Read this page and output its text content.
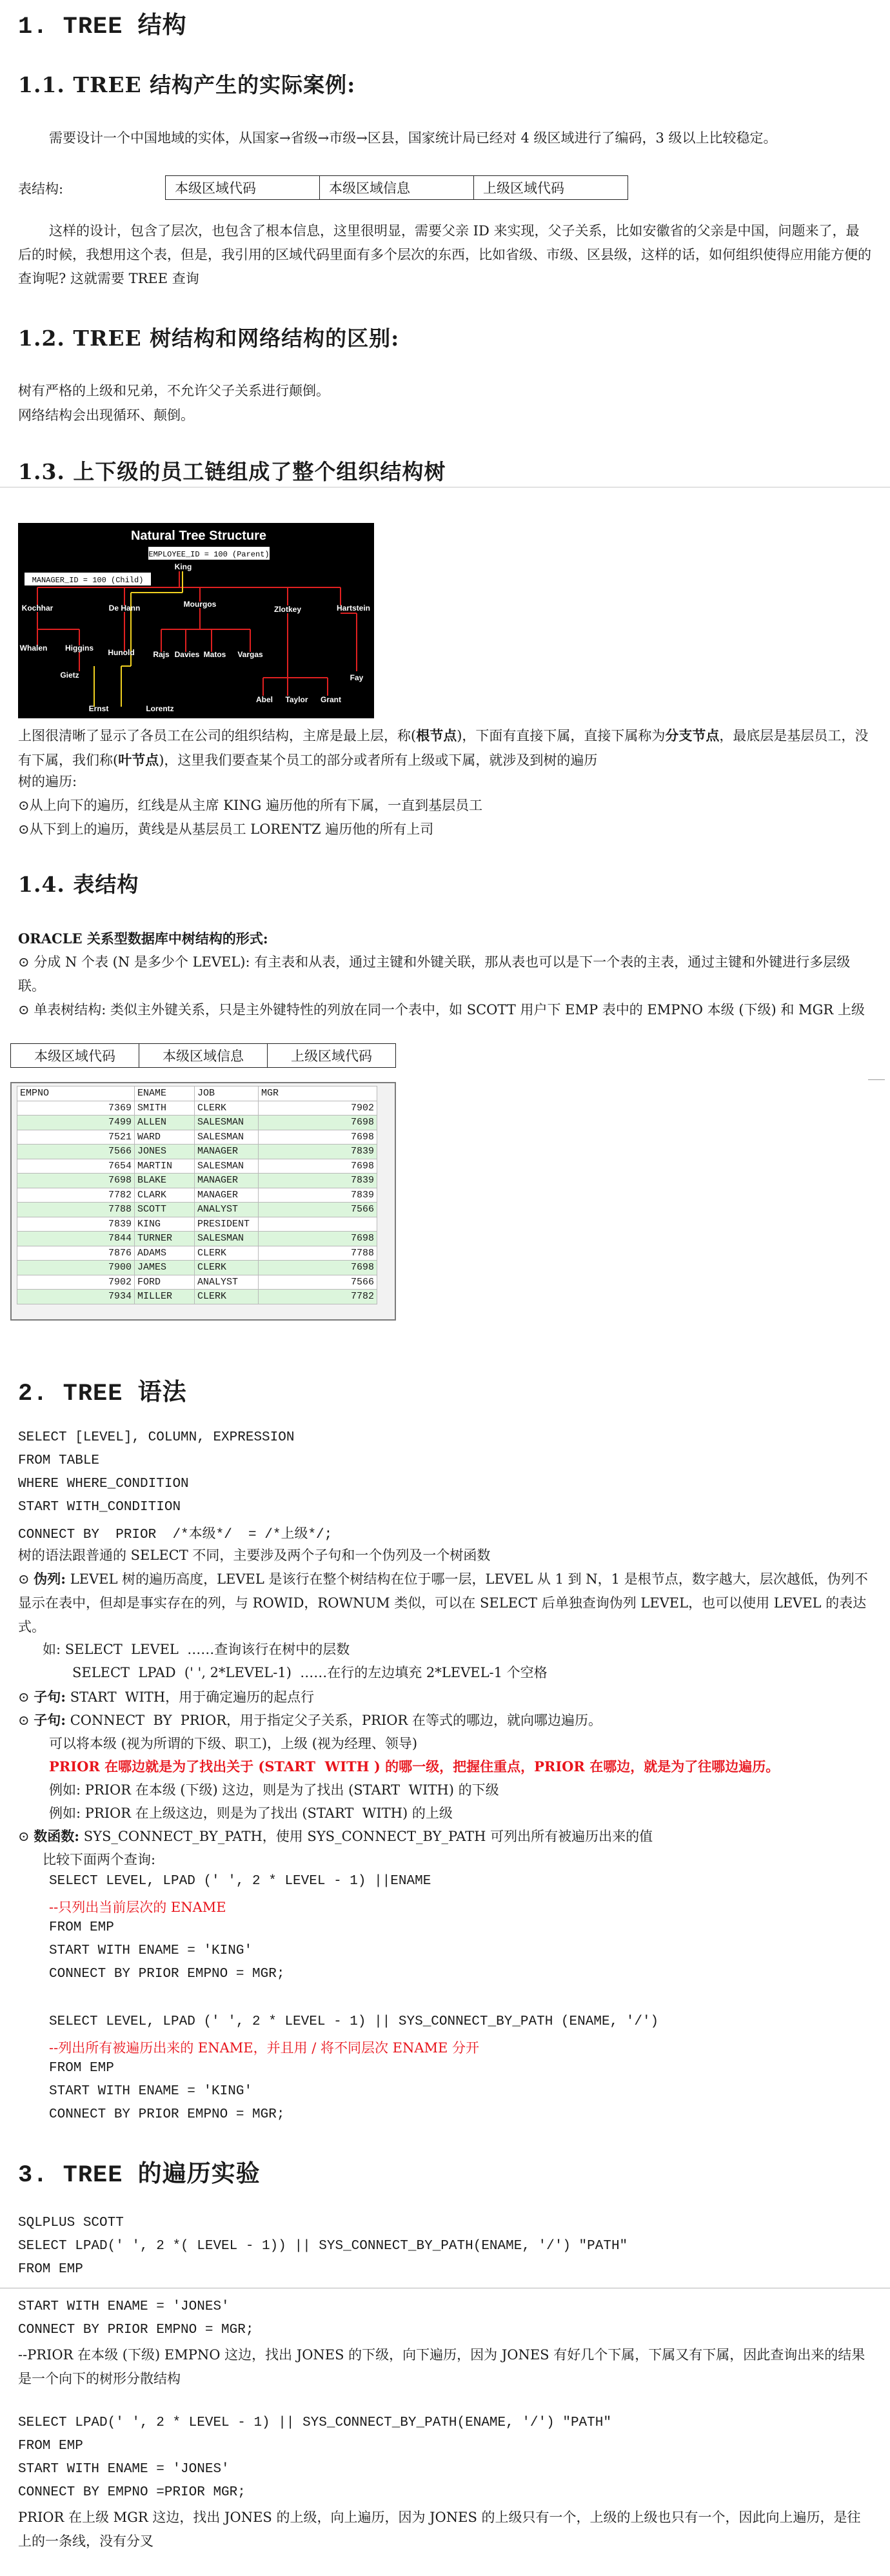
1. TREE 结构
1.1. TREE 结构产生的实际案例:
需要设计一个中国地域的实体，从国家→省级→市级→区县，国家统计局已经对 4 级区域进行了编码，3 级以上比较稳定。
表结构:	本级区域代码	本级区域信息	上级区域代码
这样的设计，包含了层次，也包含了根本信息，这里很明显，需要父亲 ID 来实现，父子关系，比如安徽省的父亲是中国，问题来了，最后的时候，我想用这个表，但是，我引用的区域代码里面有多个层次的东西，比如省级、市级、区县级，这样的话，如何组织使得应用能方便的查询呢? 这就需要 TREE 查询
1.2. TREE 树结构和网络结构的区别:
树有严格的上级和兄弟，不允许父子关系进行颠倒。
网络结构会出现循环、颠倒。
1.3. 上下级的员工链组成了整个组织结构树
Natural Tree Structure
EMPLOYEE_ID = 100 (Parent)
MANAGER_ID = 100 (Child)
King
Kochhar	De Hann	Mourgos
Zlotkey	Hartstein
Whalen Higgins Hunold Rajs Davies Matos Vargas
Gietz
Ernst	Lorentz
Abel Taylor Grant
Fay
上图很清晰了显示了各员工在公司的组织结构，主席是最上层，称(根节点)，下面有直接下属，直接下属称为分支节点，最底层是基层员工，没有下属，我们称(叶节点)，这里我们要查某个员工的部分或者所有上级或下属，就涉及到树的遍历
树的遍历:
⊙从上向下的遍历，红线是从主席 KING 遍历他的所有下属，一直到基层员工
⊙从下到上的遍历，黄线是从基层员工 LORENTZ 遍历他的所有上司
1.4. 表结构
ORACLE 关系型数据库中树结构的形式:
⊙ 分成 N 个表 (N 是多少个 LEVEL): 有主表和从表，通过主键和外键关联，那从表也可以是下一个表的主表，通过主键和外键进行多层级联。
⊙ 单表树结构: 类似主外键关系，只是主外键特性的列放在同一个表中，如 SCOTT 用户下 EMP 表中的 EMPNO 本级 (下级) 和 MGR 上级
本级区域代码	本级区域信息	上级区域代码
EMPNO	ENAME	JOB	MGR
7369	SMITH	CLERK	7902
7499	ALLEN	SALESMAN	7698
7521	WARD	SALESMAN	7698
7566	JONES	MANAGER	7839
7654	MARTIN	SALESMAN	7698
7698	BLAKE	MANAGER	7839
7782	CLARK	MANAGER	7839
7788	SCOTT	ANALYST	7566
7839	KING	PRESIDENT	
7844	TURNER	SALESMAN	7698
7876	ADAMS	CLERK	7788
7900	JAMES	CLERK	7698
7902	FORD	ANALYST	7566
7934	MILLER	CLERK	7782
2. TREE 语法
SELECT [LEVEL], COLUMN, EXPRESSION
FROM TABLE
WHERE WHERE_CONDITION
START WITH_CONDITION
CONNECT BY  PRIOR  /*本级*/  = /*上级*/;
树的语法跟普通的 SELECT 不同，主要涉及两个子句和一个伪列及一个树函数
⊙ 伪列: LEVEL 树的遍历高度，LEVEL 是该行在整个树结构在位于哪一层，LEVEL 从 1 到 N，1 是根节点，数字越大，层次越低，伪列不显示在表中，但却是事实存在的列，与 ROWID，ROWNUM 类似，可以在 SELECT 后单独查询伪列 LEVEL，也可以使用 LEVEL 的表达式。
如: SELECT  LEVEL  ……查询该行在树中的层数
SELECT  LPAD  (' ', 2*LEVEL-1)  ……在行的左边填充 2*LEVEL-1 个空格
⊙ 子句: START  WITH，用于确定遍历的起点行
⊙ 子句: CONNECT  BY  PRIOR，用于指定父子关系，PRIOR 在等式的哪边，就向哪边遍历。
可以将本级 (视为所谓的下级、职工)，上级 (视为经理、领导)
PRIOR 在哪边就是为了找出关于 (START  WITH ) 的哪一级，把握住重点，PRIOR 在哪边，就是为了往哪边遍历。
例如: PRIOR 在本级 (下级) 这边，则是为了找出 (START  WITH) 的下级
例如: PRIOR 在上级这边，则是为了找出 (START  WITH) 的上级
⊙ 数函数: SYS_CONNECT_BY_PATH，使用 SYS_CONNECT_BY_PATH 可列出所有被遍历出来的值
比较下面两个查询:
SELECT LEVEL, LPAD (' ', 2 * LEVEL - 1) ||ENAME
--只列出当前层次的 ENAME
FROM EMP
START WITH ENAME = 'KING'
CONNECT BY PRIOR EMPNO = MGR;
SELECT LEVEL, LPAD (' ', 2 * LEVEL - 1) || SYS_CONNECT_BY_PATH (ENAME, '/')
--列出所有被遍历出来的 ENAME，并且用 / 将不同层次 ENAME 分开
FROM EMP
START WITH ENAME = 'KING'
CONNECT BY PRIOR EMPNO = MGR;
3. TREE 的遍历实验
SQLPLUS SCOTT
SELECT LPAD(' ', 2 *( LEVEL - 1)) || SYS_CONNECT_BY_PATH(ENAME, '/') "PATH"
FROM EMP
START WITH ENAME = 'JONES'
CONNECT BY PRIOR EMPNO = MGR;
--PRIOR 在本级 (下级) EMPNO 这边，找出 JONES 的下级，向下遍历，因为 JONES 有好几个下属，下属又有下属，因此查询出来的结果是一个向下的树形分散结构
SELECT LPAD(' ', 2 * LEVEL - 1) || SYS_CONNECT_BY_PATH(ENAME, '/') "PATH"
FROM EMP
START WITH ENAME = 'JONES'
CONNECT BY EMPNO =PRIOR MGR;
PRIOR 在上级 MGR 这边，找出 JONES 的上级，向上遍历，因为 JONES 的上级只有一个，上级的上级也只有一个，因此向上遍历，是往上的一条线，没有分叉
